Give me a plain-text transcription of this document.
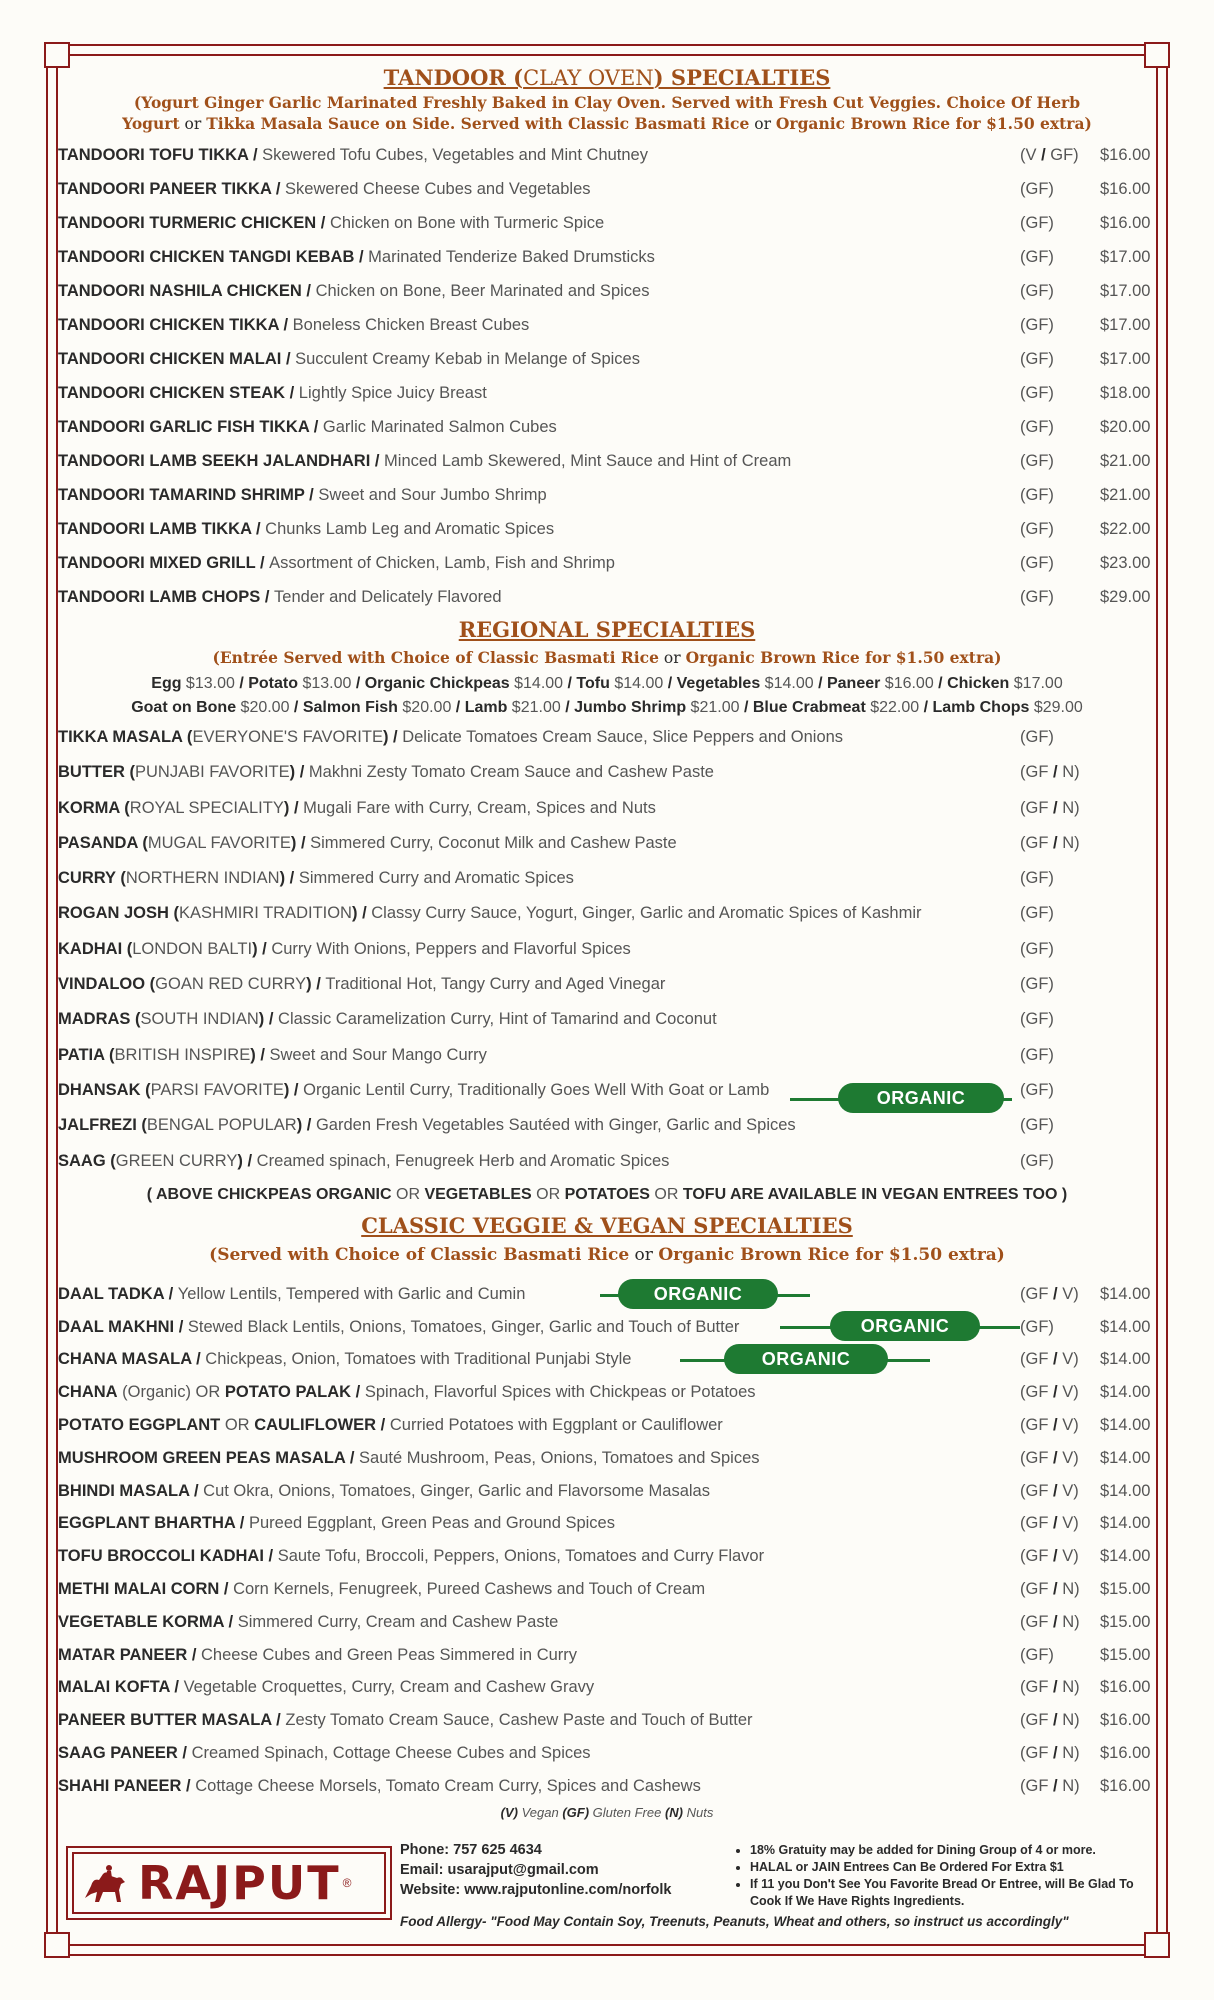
TANDOOR (CLAY OVEN) SPECIALTIES

(Yogurt Ginger Garlic Marinated Freshly Baked in Clay Oven. Served with Fresh Cut Veggies. Choice Of Herb
Yogurt or Tikka Masala Sauce on Side. Served with Classic Basmati Rice or Organic Brown Rice for $1.50 extra)

TANDOORI TOFU TIKKA / Skewered Tofu Cubes, Vegetables and Mint Chutney	(V / GF) $16.00
TANDOORI PANEER TIKKA / Skewered Cheese Cubes and Vegetables	(GF)	$16.00
TANDOORI TURMERIC CHICKEN / Chicken on Bone with Turmeric Spice	(GF)	$16.00
TANDOORI CHICKEN TANGDI KEBAB / Marinated Tenderize Baked Drumsticks	(GF)	$17.00
TANDOORI NASHILA CHICKEN / Chicken on Bone, Beer Marinated and Spices	(GF)	$17.00
TANDOORI CHICKEN TIKKA / Boneless Chicken Breast Cubes	(GF)	$17.00
TANDOORI CHICKEN MALAI / Succulent Creamy Kebab in Melange of Spices	(GF)	$17.00
TANDOORI CHICKEN STEAK / Lightly Spice Juicy Breast	(GF)	$18.00
TANDOORI GARLIC FISH TIKKA / Garlic Marinated Salmon Cubes	(GF)	$20.00
TANDOORI LAMB SEEKH JALANDHARI / Minced Lamb Skewered, Mint Sauce and Hint of Cream	(GF)	$21.00
TANDOORI TAMARIND SHRIMP / Sweet and Sour Jumbo Shrimp	(GF)	$21.00
TANDOORI LAMB TIKKA / Chunks Lamb Leg and Aromatic Spices	(GF)	$22.00
TANDOORI MIXED GRILL / Assortment of Chicken, Lamb, Fish and Shrimp	(GF)	$23.00
TANDOORI LAMB CHOPS / Tender and Delicately Flavored	(GF)	$29.00

REGIONAL SPECIALTIES

(Entrée Served with Choice of Classic Basmati Rice or Organic Brown Rice for $1.50 extra)

Egg $13.00 / Potato $13.00 / Organic Chickpeas $14.00 / Tofu $14.00 / Vegetables $14.00 / Paneer $16.00 / Chicken $17.00
Goat on Bone $20.00 / Salmon Fish $20.00 / Lamb $21.00 / Jumbo Shrimp $21.00 / Blue Crabmeat $22.00 / Lamb Chops $29.00
TIKKA MASALA (EVERYONE'S FAVORITE) / Delicate Tomatoes Cream Sauce, Slice Peppers and Onions	(GF)
BUTTER (PUNJABI FAVORITE) / Makhni Zesty Tomato Cream Sauce and Cashew Paste	(GF / N)
KORMA (ROYAL SPECIALITY) / Mugali Fare with Curry, Cream, Spices and Nuts	(GF / N)
PASANDA (MUGAL FAVORITE) / Simmered Curry, Coconut Milk and Cashew Paste	(GF / N)
CURRY (NORTHERN INDIAN) / Simmered Curry and Aromatic Spices	(GF)
ROGAN JOSH (KASHMIRI TRADITION) / Classy Curry Sauce, Yogurt, Ginger, Garlic and Aromatic Spices of Kashmir	(GF)
KADHAI (LONDON BALTI) / Curry With Onions, Peppers and Flavorful Spices	(GF)
VINDALOO (GOAN RED CURRY) / Traditional Hot, Tangy Curry and Aged Vinegar	(GF)
MADRAS (SOUTH INDIAN) / Classic Caramelization Curry, Hint of Tamarind and Coconut	(GF)
PATIA (BRITISH INSPIRE) / Sweet and Sour Mango Curry	(GF)
DHANSAK (PARSI FAVORITE) / Organic Lentil Curry, Traditionally Goes Well With Goat or Lamb	(GF)
JALFREZI (BENGAL POPULAR) / Garden Fresh Vegetables Sautéed with Ginger, Garlic and Spices	(GF)
SAAG (GREEN CURRY) / Creamed spinach, Fenugreek Herb and Aromatic Spices	(GF)
( ABOVE CHICKPEAS ORGANIC OR VEGETABLES OR POTATOES OR TOFU ARE AVAILABLE IN VEGAN ENTREES TOO )

CLASSIC VEGGIE & VEGAN SPECIALTIES

(Served with Choice of Classic Basmati Rice or Organic Brown Rice for $1.50 extra)

DAAL TADKA / Yellow Lentils, Tempered with Garlic and Cumin	(GF / V) $14.00
DAAL MAKHNI / Stewed Black Lentils, Onions, Tomatoes, Ginger, Garlic and Touch of Butter	(GF)	$14.00
CHANA MASALA / Chickpeas, Onion, Tomatoes with Traditional Punjabi Style	(GF / V) $14.00
CHANA (Organic) OR POTATO PALAK / Spinach, Flavorful Spices with Chickpeas or Potatoes	(GF / V) $14.00
POTATO EGGPLANT OR CAULIFLOWER / Curried Potatoes with Eggplant or Cauliflower	(GF / V) $14.00
MUSHROOM GREEN PEAS MASALA / Sauté Mushroom, Peas, Onions, Tomatoes and Spices	(GF / V) $14.00
BHINDI MASALA / Cut Okra, Onions, Tomatoes, Ginger, Garlic and Flavorsome Masalas	(GF / V) $14.00
EGGPLANT BHARTHA / Pureed Eggplant, Green Peas and Ground Spices	(GF / V) $14.00
TOFU BROCCOLI KADHAI / Saute Tofu, Broccoli, Peppers, Onions, Tomatoes and Curry Flavor	(GF / V) $14.00
METHI MALAI CORN / Corn Kernels, Fenugreek, Pureed Cashews and Touch of Cream	(GF / N) $15.00
VEGETABLE KORMA / Simmered Curry, Cream and Cashew Paste	(GF / N) $15.00
MATAR PANEER / Cheese Cubes and Green Peas Simmered in Curry	(GF)	$15.00
MALAI KOFTA / Vegetable Croquettes, Curry, Cream and Cashew Gravy	(GF / N) $16.00
PANEER BUTTER MASALA / Zesty Tomato Cream Sauce, Cashew Paste and Touch of Butter	(GF / N) $16.00
SAAG PANEER / Creamed Spinach, Cottage Cheese Cubes and Spices	(GF / N) $16.00
SHAHI PANEER / Cottage Cheese Morsels, Tomato Cream Curry, Spices and Cashews	(GF / N) $16.00
(V) Vegan (GF) Gluten Free (N) Nuts
ORGANIC
ORGANIC
ORGANIC
ORGANIC
RAJPUT ®
Phone: 757 625 4634
Email: usarajput@gmail.com
Website: www.rajputonline.com/norfolk
• 18% Gratuity may be added for Dining Group of 4 or more.
• HALAL or JAIN Entrees Can Be Ordered For Extra $1
• If 11 you Don't See You Favorite Bread Or Entree, will Be Glad To Cook If We Have Rights Ingredients.
Food Allergy- "Food May Contain Soy, Treenuts, Peanuts, Wheat and others, so instruct us accordingly"
